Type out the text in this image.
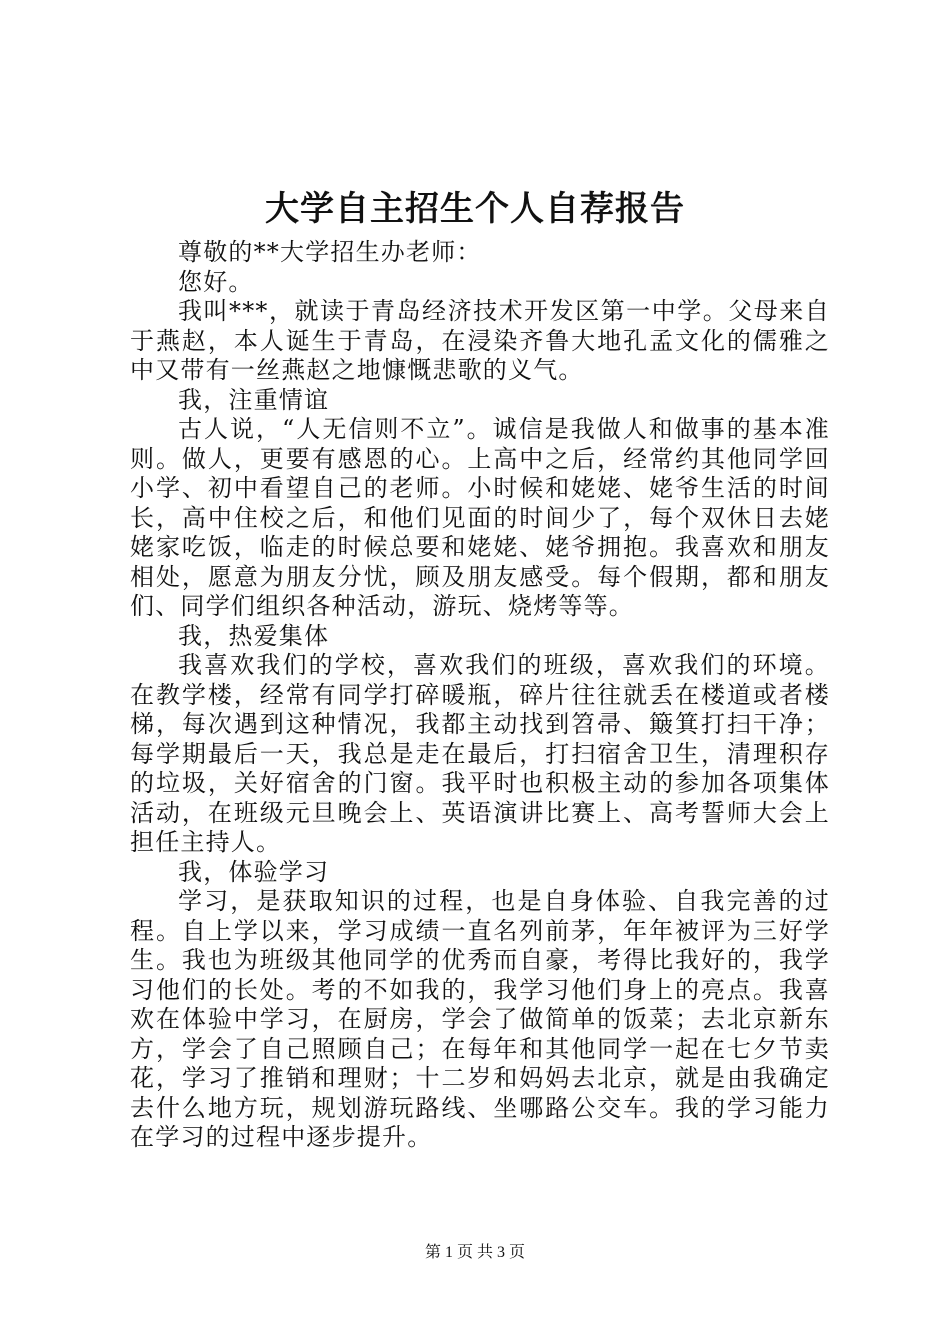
大学自主招生个人自荐报告

尊敬的**大学招生办老师：

您好。

我叫***，就读于青岛经济技术开发区第一中学。父母来自于燕赵，本人诞生于青岛，在浸染齐鲁大地孔孟文化的儒雅之中又带有一丝燕赵之地慷慨悲歌的义气。

我，注重情谊

古人说，“人无信则不立”。诚信是我做人和做事的基本准则。做人，更要有感恩的心。上高中之后，经常约其他同学回小学、初中看望自己的老师。小时候和姥姥、姥爷生活的时间长，高中住校之后，和他们见面的时间少了，每个双休日去姥姥家吃饭，临走的时候总要和姥姥、姥爷拥抱。我喜欢和朋友相处，愿意为朋友分忧，顾及朋友感受。每个假期，都和朋友们、同学们组织各种活动，游玩、烧烤等等。

我，热爱集体

我喜欢我们的学校，喜欢我们的班级，喜欢我们的环境。在教学楼，经常有同学打碎暖瓶，碎片往往就丢在楼道或者楼梯，每次遇到这种情况，我都主动找到笤帚、簸箕打扫干净；每学期最后一天，我总是走在最后，打扫宿舍卫生，清理积存的垃圾，关好宿舍的门窗。我平时也积极主动的参加各项集体活动，在班级元旦晚会上、英语演讲比赛上、高考誓师大会上担任主持人。

我，体验学习

学习，是获取知识的过程，也是自身体验、自我完善的过程。自上学以来，学习成绩一直名列前茅，年年被评为三好学生。我也为班级其他同学的优秀而自豪，考得比我好的，我学习他们的长处。考的不如我的，我学习他们身上的亮点。我喜欢在体验中学习，在厨房，学会了做简单的饭菜；去北京新东方，学会了自己照顾自己；在每年和其他同学一起在七夕节卖花，学习了推销和理财；十二岁和妈妈去北京，就是由我确定去什么地方玩，规划游玩路线、坐哪路公交车。我的学习能力在学习的过程中逐步提升。

第 1 页 共 3 页
